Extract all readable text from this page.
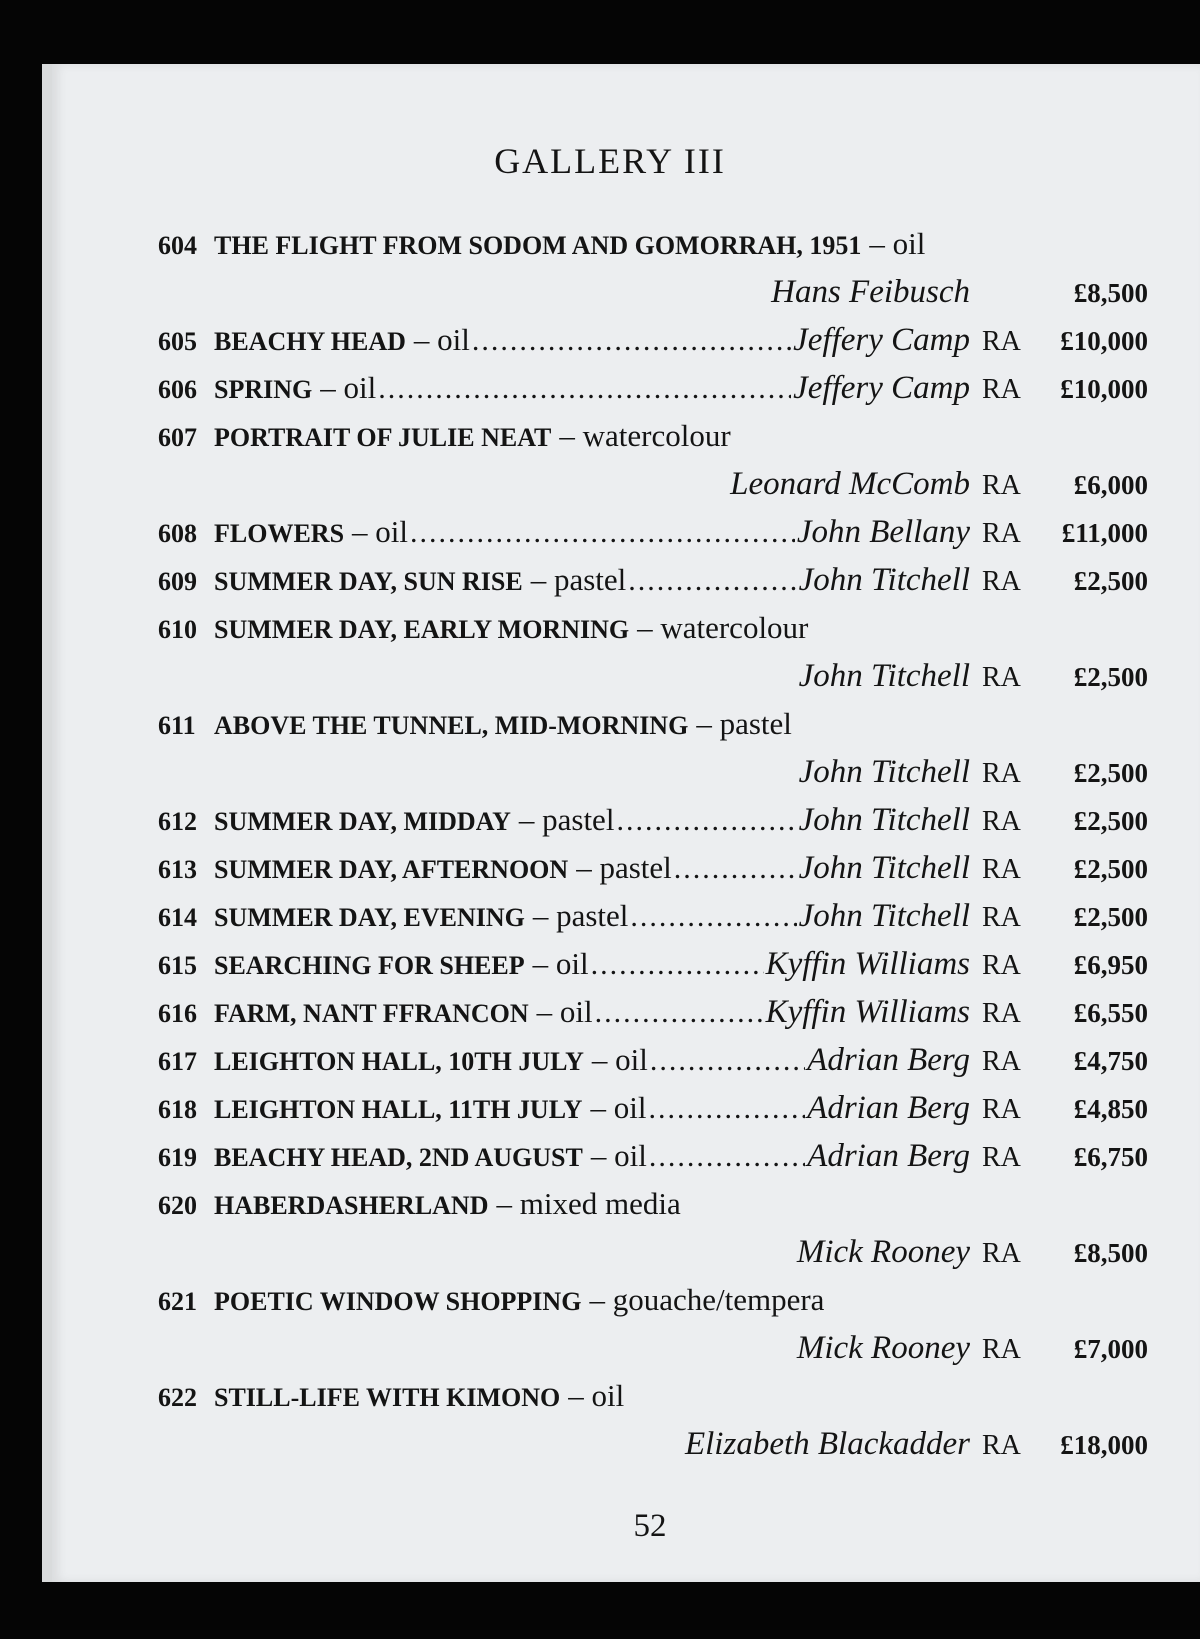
GALLERY III
604 THE FLIGHT FROM SODOM AND GOMORRAH, 1951 – oil
Hans Feibusch	£8,500
605 BEACHY HEAD – oil .....	Jeffery Camp RA	£10,000
606 SPRING – oil .....	Jeffery Camp RA	£10,000
607 PORTRAIT OF JULIE NEAT – watercolour
Leonard McComb RA	£6,000
608 FLOWERS – oil .....	John Bellany RA	£11,000
609 SUMMER DAY, SUN RISE – pastel .....	John Titchell RA	£2,500
610 SUMMER DAY, EARLY MORNING – watercolour
John Titchell RA	£2,500
611 ABOVE THE TUNNEL, MID-MORNING – pastel
John Titchell RA	£2,500
612 SUMMER DAY, MIDDAY – pastel .....	John Titchell RA	£2,500
613 SUMMER DAY, AFTERNOON – pastel .....	John Titchell RA	£2,500
614 SUMMER DAY, EVENING – pastel .....	John Titchell RA	£2,500
615 SEARCHING FOR SHEEP – oil .....	Kyffin Williams RA	£6,950
616 FARM, NANT FFRANCON – oil .....	Kyffin Williams RA	£6,550
617 LEIGHTON HALL, 10TH JULY – oil .....	Adrian Berg RA	£4,750
618 LEIGHTON HALL, 11TH JULY – oil .....	Adrian Berg RA	£4,850
619 BEACHY HEAD, 2ND AUGUST – oil .....	Adrian Berg RA	£6,750
620 HABERDASHERLAND – mixed media
Mick Rooney RA	£8,500
621 POETIC WINDOW SHOPPING – gouache/tempera
Mick Rooney RA	£7,000
622 STILL-LIFE WITH KIMONO – oil
Elizabeth Blackadder RA	£18,000
52
